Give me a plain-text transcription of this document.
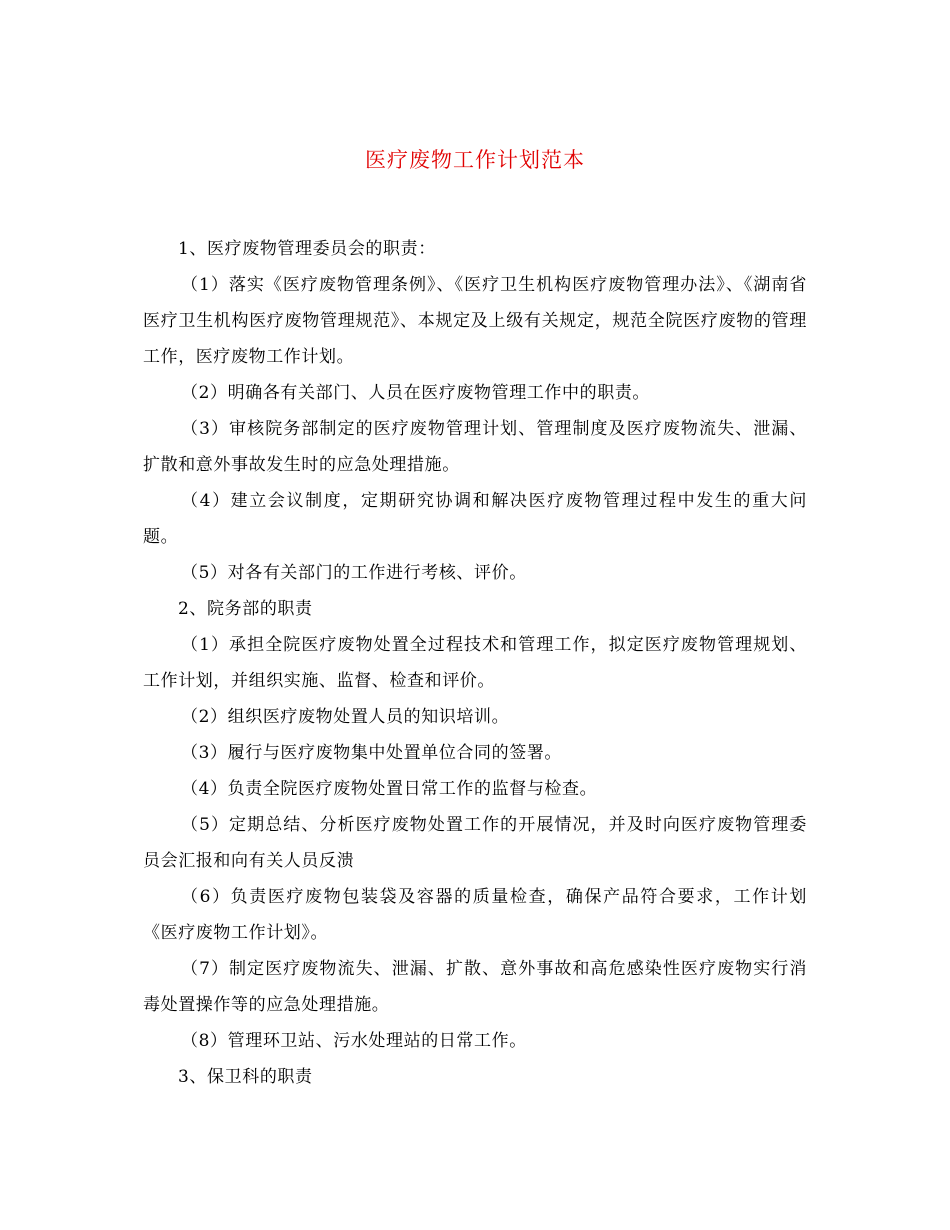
医疗废物工作计划范本

1、医疗废物管理委员会的职责：

（1）落实《医疗废物管理条例》、《医疗卫生机构医疗废物管理办法》、《湖南省医疗卫生机构医疗废物管理规范》、本规定及上级有关规定，规范全院医疗废物的管理工作，医疗废物工作计划。

（2）明确各有关部门、人员在医疗废物管理工作中的职责。

（3）审核院务部制定的医疗废物管理计划、管理制度及医疗废物流失、泄漏、扩散和意外事故发生时的应急处理措施。

（4）建立会议制度，定期研究协调和解决医疗废物管理过程中发生的重大问题。

（5）对各有关部门的工作进行考核、评价。

2、院务部的职责

（1）承担全院医疗废物处置全过程技术和管理工作，拟定医疗废物管理规划、工作计划，并组织实施、监督、检查和评价。

（2）组织医疗废物处置人员的知识培训。

（3）履行与医疗废物集中处置单位合同的签署。

（4）负责全院医疗废物处置日常工作的监督与检查。

（5）定期总结、分析医疗废物处置工作的开展情况，并及时向医疗废物管理委员会汇报和向有关人员反溃

（6）负责医疗废物包装袋及容器的质量检查，确保产品符合要求，工作计划《医疗废物工作计划》。

（7）制定医疗废物流失、泄漏、扩散、意外事故和高危感染性医疗废物实行消毒处置操作等的应急处理措施。

（8）管理环卫站、污水处理站的日常工作。

3、保卫科的职责
